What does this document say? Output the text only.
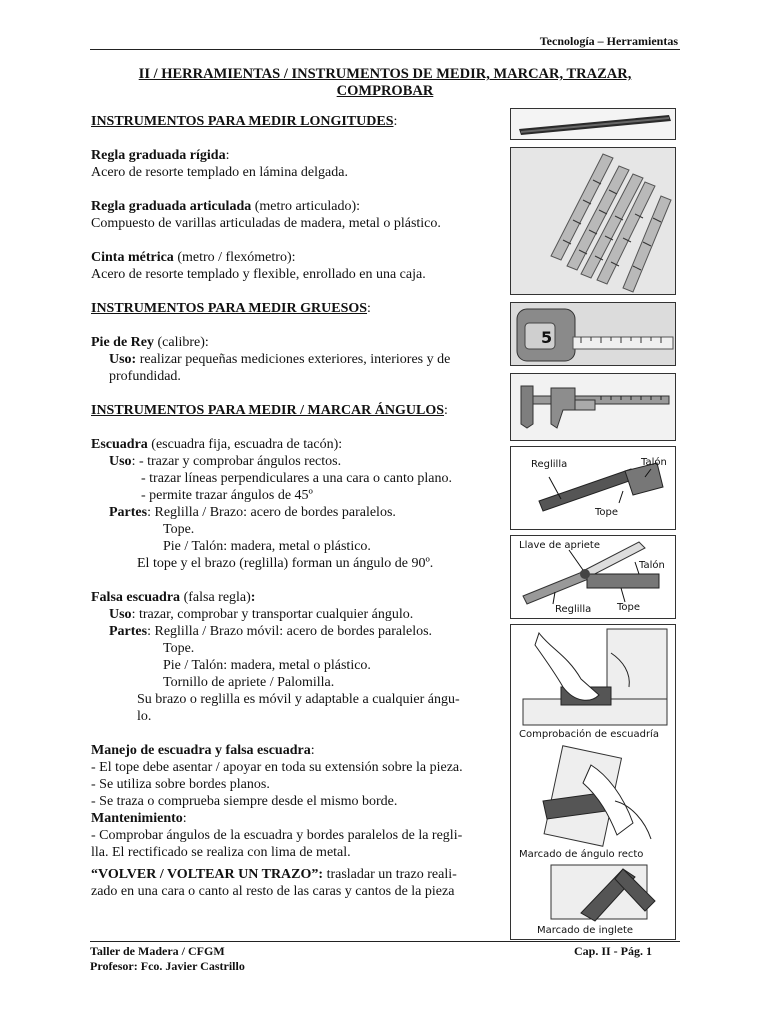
Tecnología – Herramientas
II / HERRAMIENTAS / INSTRUMENTOS DE MEDIR, MARCAR, TRAZAR,
COMPROBAR

INSTRUMENTOS PARA MEDIR LONGITUDES:

Regla graduada rígida:

Acero de resorte templado en lámina delgada.

Regla graduada articulada (metro articulado):

Compuesto de varillas articuladas de madera, metal o plástico.

Cinta métrica (metro / flexómetro):

Acero de resorte templado y flexible, enrollado en una caja.

INSTRUMENTOS PARA MEDIR GRUESOS:

Pie de Rey (calibre):

Uso: realizar pequeñas mediciones exteriores, interiores y de

profundidad.

INSTRUMENTOS PARA MEDIR / MARCAR ÁNGULOS:

Escuadra (escuadra fija, escuadra de tacón):

Uso: - trazar y comprobar ángulos rectos.

- trazar líneas perpendiculares a una cara o canto plano.

- permite trazar ángulos de 45º

Partes: Reglilla / Brazo: acero de bordes paralelos.

Tope.

Pie / Talón: madera, metal o plástico.

El tope y el brazo (reglilla) forman un ángulo de 90º.

Falsa escuadra (falsa regla):

Uso: trazar, comprobar y transportar cualquier ángulo.

Partes: Reglilla / Brazo móvil: acero de bordes paralelos.

Tope.

Pie / Talón: madera, metal o plástico.

Tornillo de apriete / Palomilla.

Su brazo o reglilla es móvil y adaptable a cualquier ángu-

lo.

Manejo de escuadra y falsa escuadra:

- El tope debe asentar / apoyar en toda su extensión sobre la pieza.

- Se utiliza sobre bordes planos.

- Se traza o comprueba siempre desde el mismo borde.

Mantenimiento:

- Comprobar ángulos de la escuadra y bordes paralelos de la regli-

lla. El rectificado se realiza con lima de metal.

“VOLVER / VOLTEAR UN TRAZO”: trasladar un trazo reali-

zado en una cara o canto al resto de las caras y cantos de la pieza

5
Reglilla	Talón
Tope
Llave de apriete
Talón
Reglilla	Tope
Comprobación de escuadría
Marcado de ángulo recto
Marcado de inglete
Taller de Madera / CFGM
Profesor: Fco. Javier Castrillo
Cap. II - Pág. 1
